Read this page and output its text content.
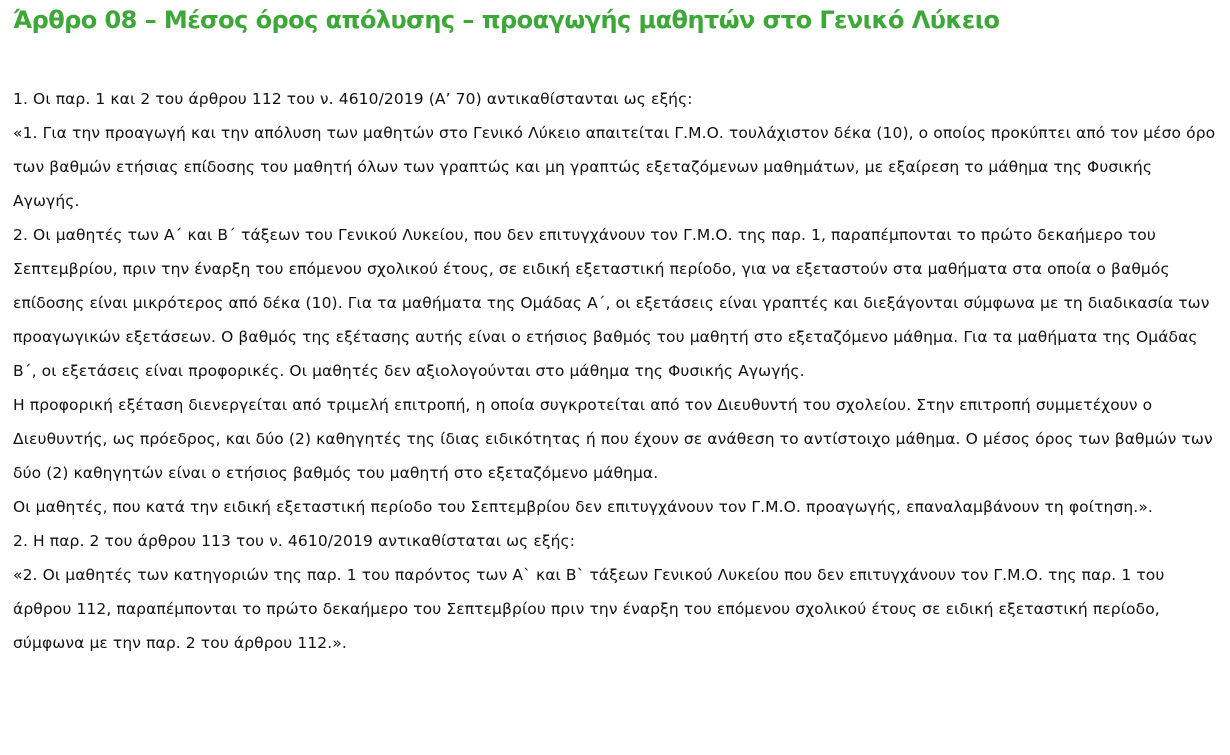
Άρθρο 08 – Μέσος όρος απόλυσης – προαγωγής μαθητών στο Γενικό Λύκειο

1. Οι παρ. 1 και 2 του άρθρου 112 του ν. 4610/2019 (Α’ 70) αντικαθίστανται ως εξής:

«1. Για την προαγωγή και την απόλυση των μαθητών στο Γενικό Λύκειο απαιτείται Γ.Μ.Ο. τουλάχιστον δέκα (10), ο οποίος προκύπτει από τον μέσο όρο των βαθμών ετήσιας επίδοσης του μαθητή όλων των γραπτώς και μη γραπτώς εξεταζόμενων μαθημάτων, με εξαίρεση το μάθημα της Φυσικής Αγωγής.

2. Οι μαθητές των Α΄ και Β΄ τάξεων του Γενικού Λυκείου, που δεν επιτυγχάνουν τον Γ.Μ.Ο. της παρ. 1, παραπέμπονται το πρώτο δεκαήμερο του Σεπτεμβρίου, πριν την έναρξη του επόμενου σχολικού έτους, σε ειδική εξεταστική περίοδο, για να εξεταστούν στα μαθήματα στα οποία ο βαθμός επίδοσης είναι μικρότερος από δέκα (10). Για τα μαθήματα της Ομάδας Α΄, οι εξετάσεις είναι γραπτές και διεξάγονται σύμφωνα με τη διαδικασία των προαγωγικών εξετάσεων. Ο βαθμός της εξέτασης αυτής είναι ο ετήσιος βαθμός του μαθητή στο εξεταζόμενο μάθημα. Για τα μαθήματα της Ομάδας Β΄, οι εξετάσεις είναι προφορικές. Οι μαθητές δεν αξιολογούνται στο μάθημα της Φυσικής Αγωγής.

Η προφορική εξέταση διενεργείται από τριμελή επιτροπή, η οποία συγκροτείται από τον Διευθυντή του σχολείου. Στην επιτροπή συμμετέχουν ο Διευθυντής, ως πρόεδρος, και δύο (2) καθηγητές της ίδιας ειδικότητας ή που έχουν σε ανάθεση το αντίστοιχο μάθημα. Ο μέσος όρος των βαθμών των δύο (2) καθηγητών είναι ο ετήσιος βαθμός του μαθητή στο εξεταζόμενο μάθημα.

Οι μαθητές, που κατά την ειδική εξεταστική περίοδο του Σεπτεμβρίου δεν επιτυγχάνουν τον Γ.Μ.Ο. προαγωγής, επαναλαμβάνουν τη φοίτηση.».

2. Η παρ. 2 του άρθρου 113 του ν. 4610/2019 αντικαθίσταται ως εξής:

«2. Οι μαθητές των κατηγοριών της παρ. 1 του παρόντος των Α` και Β` τάξεων Γενικού Λυκείου που δεν επιτυγχάνουν τον Γ.Μ.Ο. της παρ. 1 του άρθρου 112, παραπέμπονται το πρώτο δεκαήμερο του Σεπτεμβρίου πριν την έναρξη του επόμενου σχολικού έτους σε ειδική εξεταστική περίοδο, σύμφωνα με την παρ. 2 του άρθρου 112.».
